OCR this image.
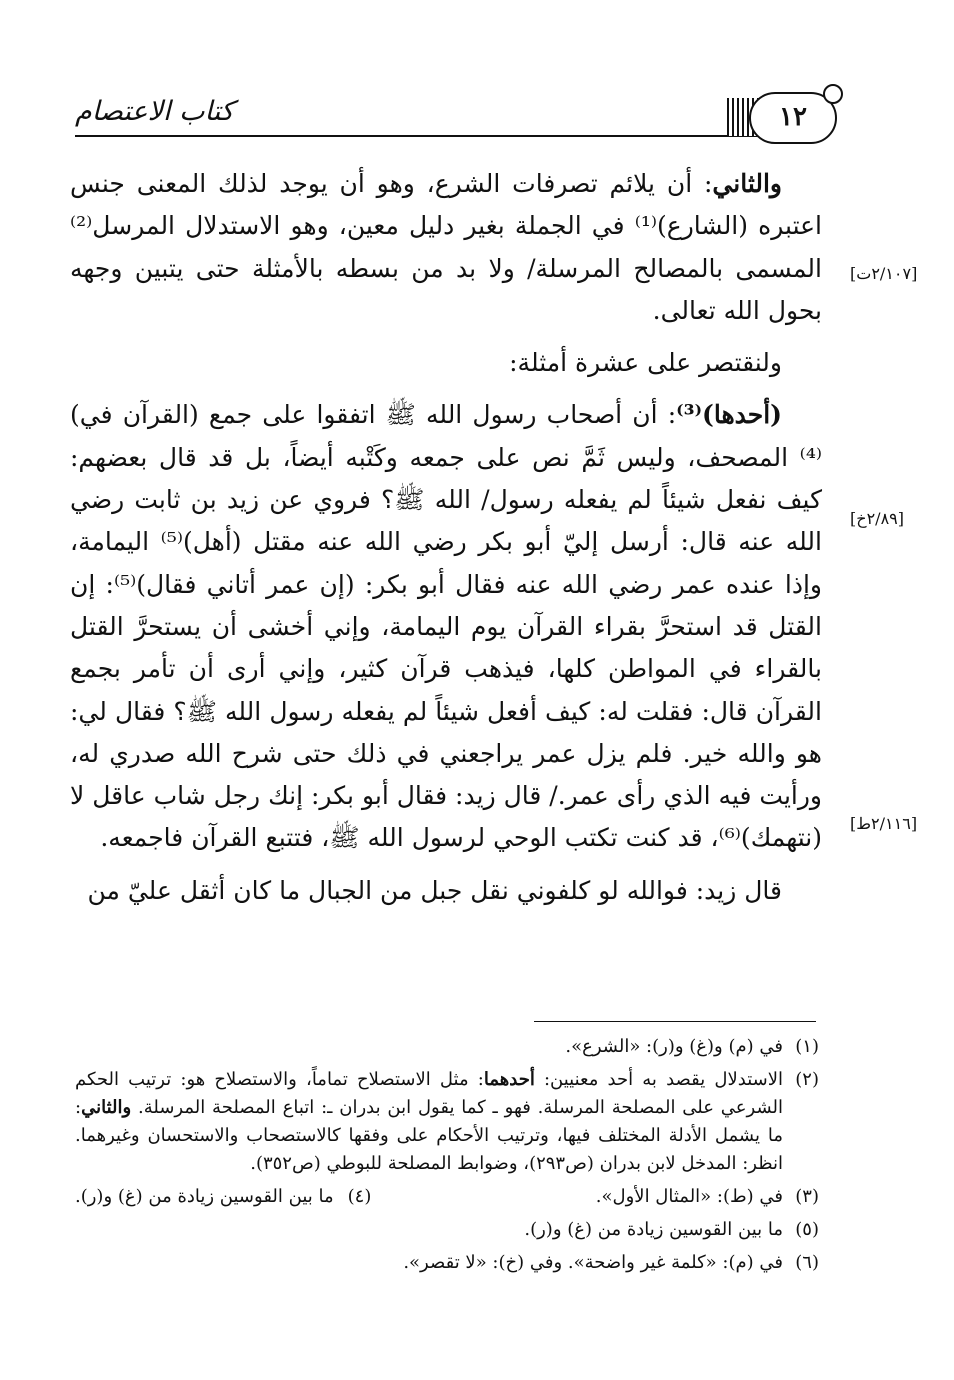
كتاب الاعتصام	١٢
[٢/١٠٧ت]
[٢/٨٩خ]
[٢/١١٦ط]

والثاني: أن يلائم تصرفات الشرع، وهو أن يوجد لذلك المعنى جنس اعتبره (الشارع)⁽¹⁾ في الجملة بغير دليل معين، وهو الاستدلال المرسل⁽²⁾ المسمى بالمصالح المرسلة/ ولا بد من بسطه بالأمثلة حتى يتبين وجهه بحول الله تعالى.

ولنقتصر على عشرة أمثلة:

(أحدها)⁽³⁾: أن أصحاب رسول الله ﷺ اتفقوا على جمع (القرآن في)⁽⁴⁾ المصحف، وليس ثَمَّ نص على جمعه وكَتْبه أيضاً، بل قد قال بعضهم: كيف نفعل شيئاً لم يفعله رسول/ الله ﷺ؟ فروي عن زيد بن ثابت رضي الله عنه قال: أرسل إليّ أبو بكر رضي الله عنه مقتل (أهل)⁽⁵⁾ اليمامة، وإذا عنده عمر رضي الله عنه فقال أبو بكر: (إن عمر أتاني فقال)⁽⁵⁾: إن القتل قد استحرَّ بقراء القرآن يوم اليمامة، وإني أخشى أن يستحرَّ القتل بالقراء في المواطن كلها، فيذهب قرآن كثير، وإني أرى أن تأمر بجمع القرآن قال: فقلت له: كيف أفعل شيئاً لم يفعله رسول الله ﷺ؟ فقال لي: هو والله خير. فلم يزل عمر يراجعني في ذلك حتى شرح الله صدري له، ورأيت فيه الذي رأى عمر./ قال زيد: فقال أبو بكر: إنك رجل شاب عاقل لا (نتهمك)⁽⁶⁾، قد كنت تكتب الوحي لرسول الله ﷺ، فتتبع القرآن فاجمعه.

قال زيد: فوالله لو كلفوني نقل جبل من الجبال ما كان أثقل عليّ من

(١)
في (م) و(غ) و(ر): «الشرع».
(٢)
الاستدلال يقصد به أحد معنيين: أحدهما: مثل الاستصلاح تماماً، والاستصلاح هو: ترتيب الحكم الشرعي على المصلحة المرسلة. فهو ـ كما يقول ابن بدران ـ: اتباع المصلحة المرسلة. والثاني: ما يشمل الأدلة المختلف فيها، وترتيب الأحكام على وفقها كالاستصحاب والاستحسان وغيرهما. انظر: المدخل لابن بدران (ص٢٩٣)، وضوابط المصلحة للبوطي (ص٣٥٢).
(٣)
في (ط): «المثال الأول».
(٤)ما بين القوسين زيادة من (غ) و(ر).
(٥)
ما بين القوسين زيادة من (غ) و(ر).
(٦)
في (م): «كلمة غير واضحة». وفي (خ): «لا تقصر».
